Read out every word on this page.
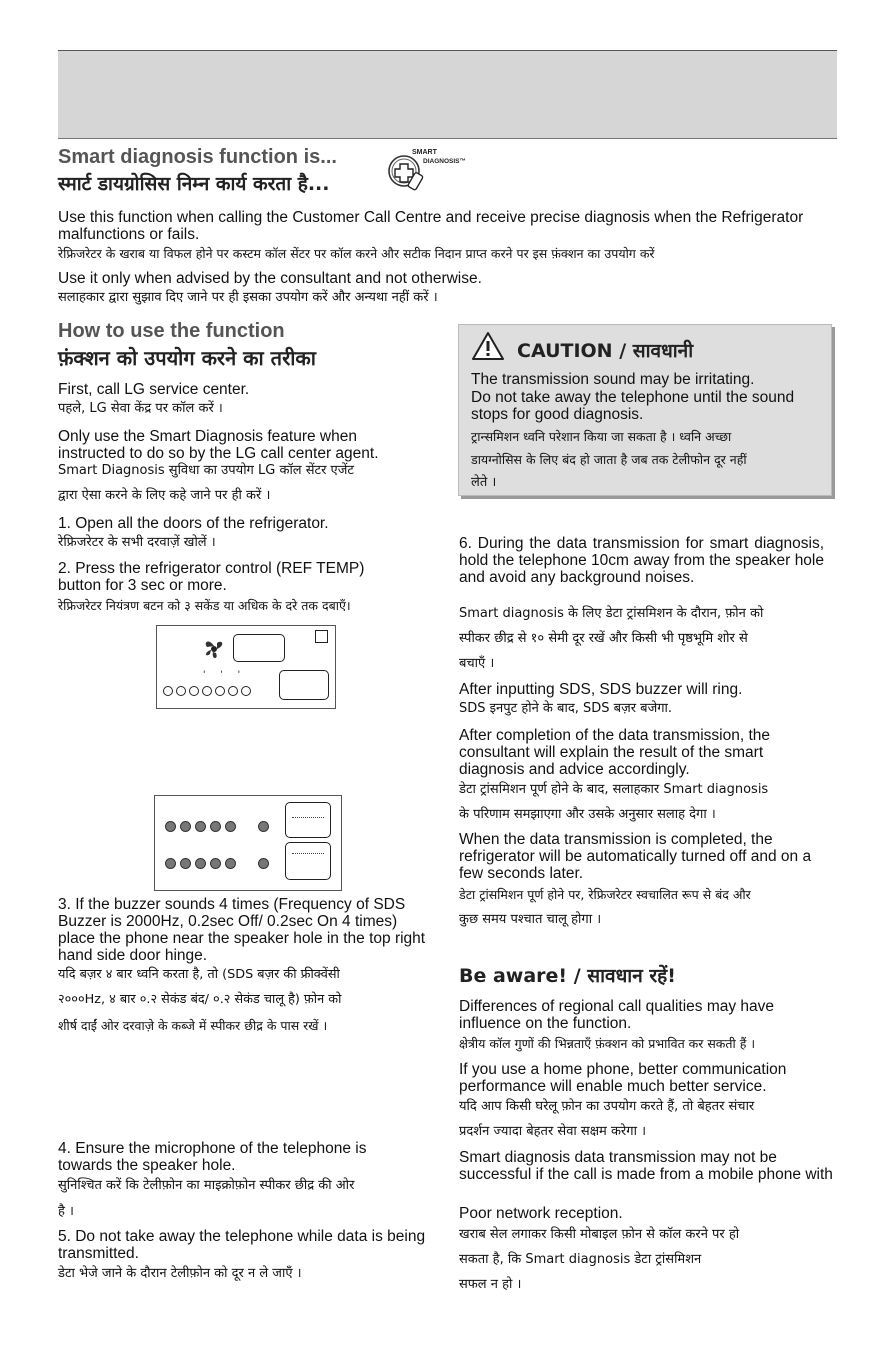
Smart diagnosis function is...
स्मार्ट डायग्रोसिस निम्न कार्य करता है...
SMART
DIAGNOSIS™
Use this function when calling the Customer Call Centre and receive precise diagnosis when the Refrigerator malfunctions or fails.
रेफ्रिजरेटर के खराब या विफल होने पर कस्टम कॉल सेंटर पर कॉल करने और सटीक निदान प्राप्त करने पर इस फ़ंक्शन का उपयोग करें
Use it only when advised by the consultant and not otherwise.
सलाहकार द्वारा सुझाव दिए जाने पर ही इसका उपयोग करें और अन्यथा नहीं करें ।
How to use the function
फ़ंक्शन को उपयोग करने का तरीका
First, call LG service center.
पहले, LG सेवा केंद्र पर कॉल करें ।
Only use the Smart Diagnosis feature when instructed to do so by the LG call center agent.
Smart Diagnosis सुविधा का उपयोग LG कॉल सेंटर एजेंट
द्वारा ऐसा करने के लिए कहे जाने पर ही करें ।
1. Open all the doors of the refrigerator.
रेफ्रिजरेटर के सभी दरवाज़ें खोलें ।
2. Press the refrigerator control (REF TEMP) button for 3 sec or more.
रेफ्रिजरेटर नियंत्रण बटन को ३ सकेंड या अधिक के दरे तक दबाएँ।
' ' '
3. If the buzzer sounds 4 times (Frequency of SDS Buzzer is 2000Hz, 0.2sec Off/ 0.2sec On 4 times) place the phone near the speaker hole in the top right hand side door hinge.
यदि बज़र ४ बार ध्वनि करता है, तो (SDS बज़र की फ्रीक्वेंसी
२०००Hz, ४ बार ०.२ सेकंड बंद/ ०.२ सेकंड चालू है) फ़ोन को
शीर्ष दाईं ओर दरवाज़े के कब्जे में स्पीकर छीद्र के पास रखें ।
4. Ensure the microphone of the telephone is towards the speaker hole.
सुनिश्चित करें कि टेलीफ़ोन का माइक्रोफ़ोन स्पीकर छीद्र की ओर
है ।
5. Do not take away the telephone while data is being transmitted.
डेटा भेजे जाने के दौरान टेलीफ़ोन को दूर न ले जाएँ ।
CAUTION / सावधानी
The transmission sound may be irritating.
Do not take away the telephone until the sound stops for good diagnosis.
ट्रान्समिशन ध्वनि परेशान किया जा सकता है । ध्वनि अच्छा
डायग्नोसिस के लिए बंद हो जाता है जब तक टेलीफोन दूर नहीं
लेते ।
6. During the data transmission for smart diagnosis, hold the telephone 10cm away from the speaker hole and avoid any background noises.
Smart diagnosis के लिए डेटा ट्रांसमिशन के दौरान, फ़ोन को
स्पीकर छीद्र से १० सेमी दूर रखें और किसी भी पृष्ठभूमि शोर से
बचाएँ ।
After inputting SDS, SDS buzzer will ring.
SDS इनपुट होने के बाद, SDS बज़र बजेगा.
After completion of the data transmission, the consultant will explain the result of the smart diagnosis and advice accordingly.
डेटा ट्रांसमिशन पूर्ण होने के बाद, सलाहकार Smart diagnosis
के परिणाम समझाएगा और उसके अनुसार सलाह देगा ।
When the data transmission is completed, the refrigerator will be automatically turned off and on a few seconds later.
डेटा ट्रांसमिशन पूर्ण होने पर, रेफ्रिजरेटर स्वचालित रूप से बंद और
कुछ समय पश्चात चालू होगा ।
Be aware! / सावधान रहें!
Differences of regional call qualities may have influence on the function.
क्षेत्रीय कॉल गुणों की भिन्नताएँ फ़ंक्शन को प्रभावित कर सकती हैं ।
If you use a home phone, better communication performance will enable much better service.
यदि आप किसी घरेलू फ़ोन का उपयोग करते हैं, तो बेहतर संचार
प्रदर्शन ज्यादा बेहतर सेवा सक्षम करेगा ।
Smart diagnosis data transmission may not be successful if the call is made from a mobile phone with
Poor network reception.
खराब सेल लगाकर किसी मोबाइल फ़ोन से कॉल करने पर हो
सकता है, कि Smart diagnosis डेटा ट्रांसमिशन
सफल न हो ।
